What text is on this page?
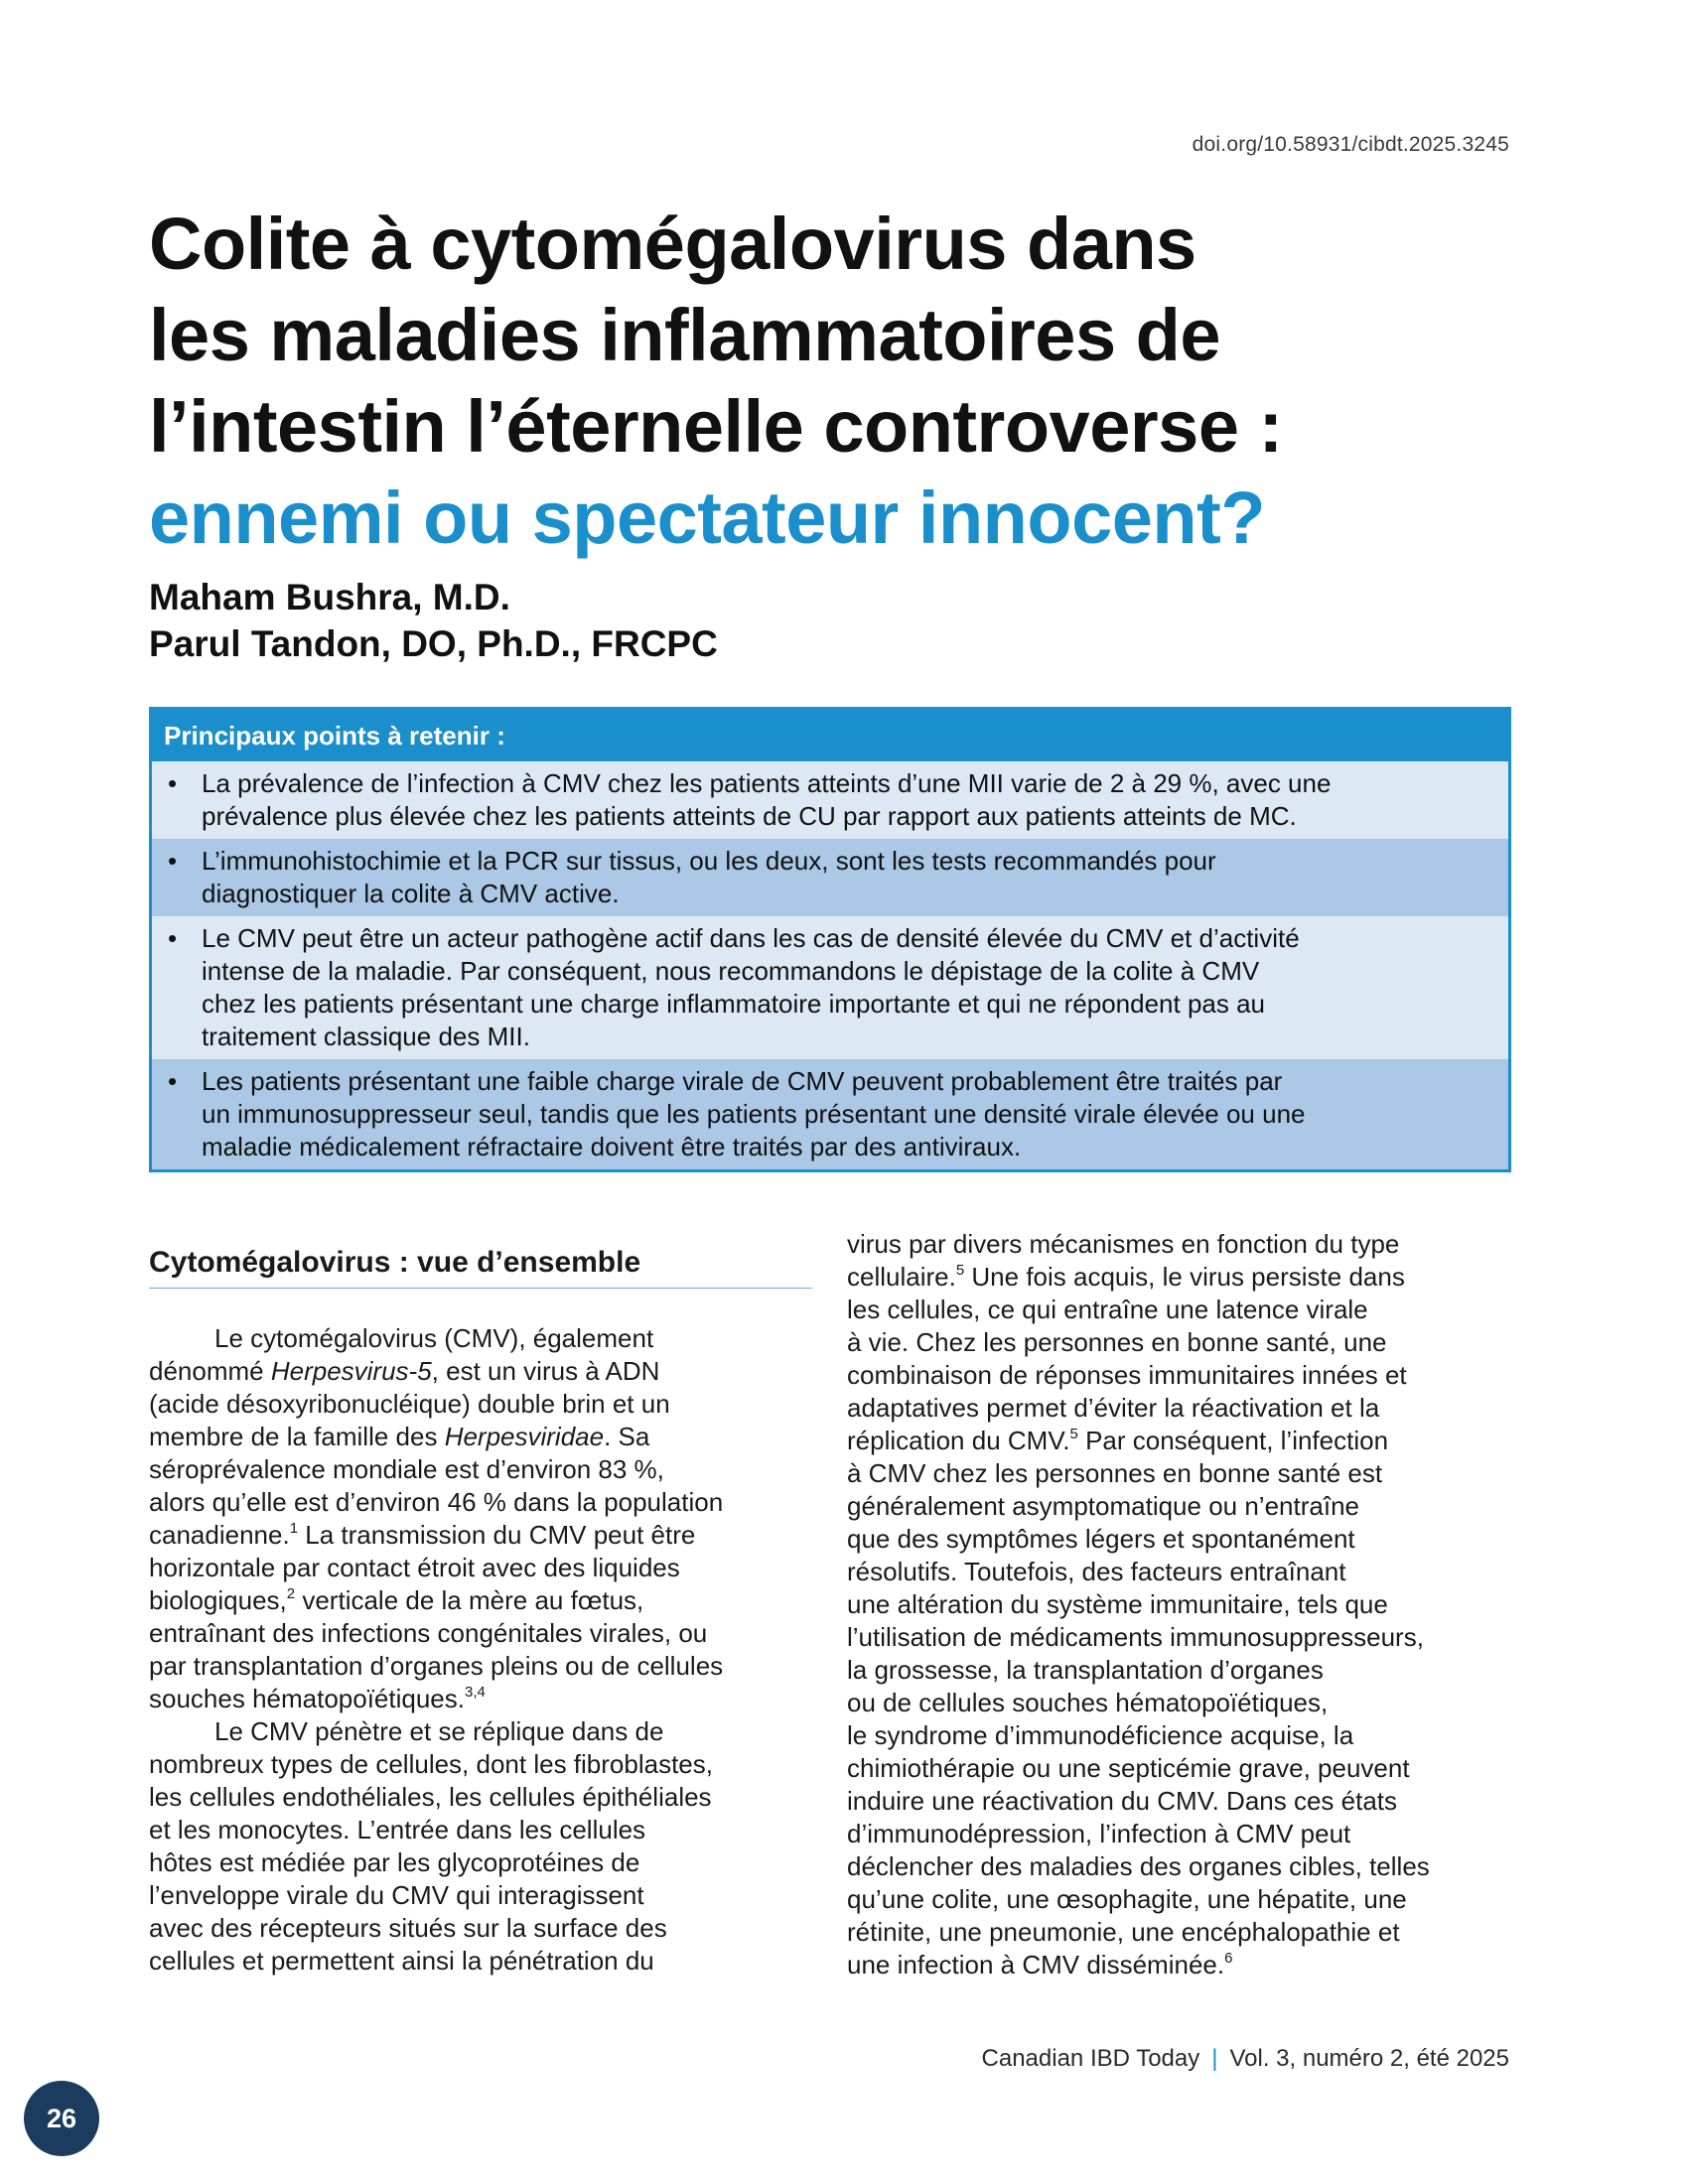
doi.org/10.58931/cibdt.2025.3245
Colite à cytomégalovirus dans
les maladies inflammatoires de
l’intestin l’éternelle controverse :
ennemi ou spectateur innocent?
Maham Bushra, M.D.
Parul Tandon, DO, Ph.D., FRCPC
Principaux points à retenir :
• La prévalence de l’infection à CMV chez les patients atteints d’une MII varie de 2 à 29 %, avec une
prévalence plus élevée chez les patients atteints de CU par rapport aux patients atteints de MC.
• L’immunohistochimie et la PCR sur tissus, ou les deux, sont les tests recommandés pour
diagnostiquer la colite à CMV active.
• Le CMV peut être un acteur pathogène actif dans les cas de densité élevée du CMV et d’activité
intense de la maladie. Par conséquent, nous recommandons le dépistage de la colite à CMV
chez les patients présentant une charge inflammatoire importante et qui ne répondent pas au
traitement classique des MII.
• Les patients présentant une faible charge virale de CMV peuvent probablement être traités par
un immunosuppresseur seul, tandis que les patients présentant une densité virale élevée ou une
maladie médicalement réfractaire doivent être traités par des antiviraux.
Cytomégalovirus : vue d’ensemble
Le cytomégalovirus (CMV), également
dénommé Herpesvirus-5, est un virus à ADN
(acide désoxyribonucléique) double brin et un
membre de la famille des Herpesviridae. Sa
séroprévalence mondiale est d’environ 83 %,
alors qu’elle est d’environ 46 % dans la population
canadienne.$^1$ La transmission du CMV peut être
horizontale par contact étroit avec des liquides
biologiques,$^2$ verticale de la mère au fœtus,
entraînant des infections congénitales virales, ou
par transplantation d’organes pleins ou de cellules
souches hématopoïétiques.$^{3,4}$
Le CMV pénètre et se réplique dans de
nombreux types de cellules, dont les fibroblastes,
les cellules endothéliales, les cellules épithéliales
et les monocytes. L’entrée dans les cellules
hôtes est médiée par les glycoprotéines de
l’enveloppe virale du CMV qui interagissent
avec des récepteurs situés sur la surface des
cellules et permettent ainsi la pénétration du
virus par divers mécanismes en fonction du type
cellulaire.$^5$ Une fois acquis, le virus persiste dans
les cellules, ce qui entraîne une latence virale
à vie. Chez les personnes en bonne santé, une
combinaison de réponses immunitaires innées et
adaptatives permet d’éviter la réactivation et la
réplication du CMV.$^5$ Par conséquent, l’infection
à CMV chez les personnes en bonne santé est
généralement asymptomatique ou n’entraîne
que des symptômes légers et spontanément
résolutifs. Toutefois, des facteurs entraînant
une altération du système immunitaire, tels que
l’utilisation de médicaments immunosuppresseurs,
la grossesse, la transplantation d’organes
ou de cellules souches hématopoïétiques,
le syndrome d’immunodéficience acquise, la
chimiothérapie ou une septicémie grave, peuvent
induire une réactivation du CMV. Dans ces états
d’immunodépression, l’infection à CMV peut
déclencher des maladies des organes cibles, telles
qu’une colite, une œsophagite, une hépatite, une
rétinite, une pneumonie, une encéphalopathie et
une infection à CMV disséminée.$^6$
Canadian IBD Today | Vol. 3, numéro 2, été 2025
26
